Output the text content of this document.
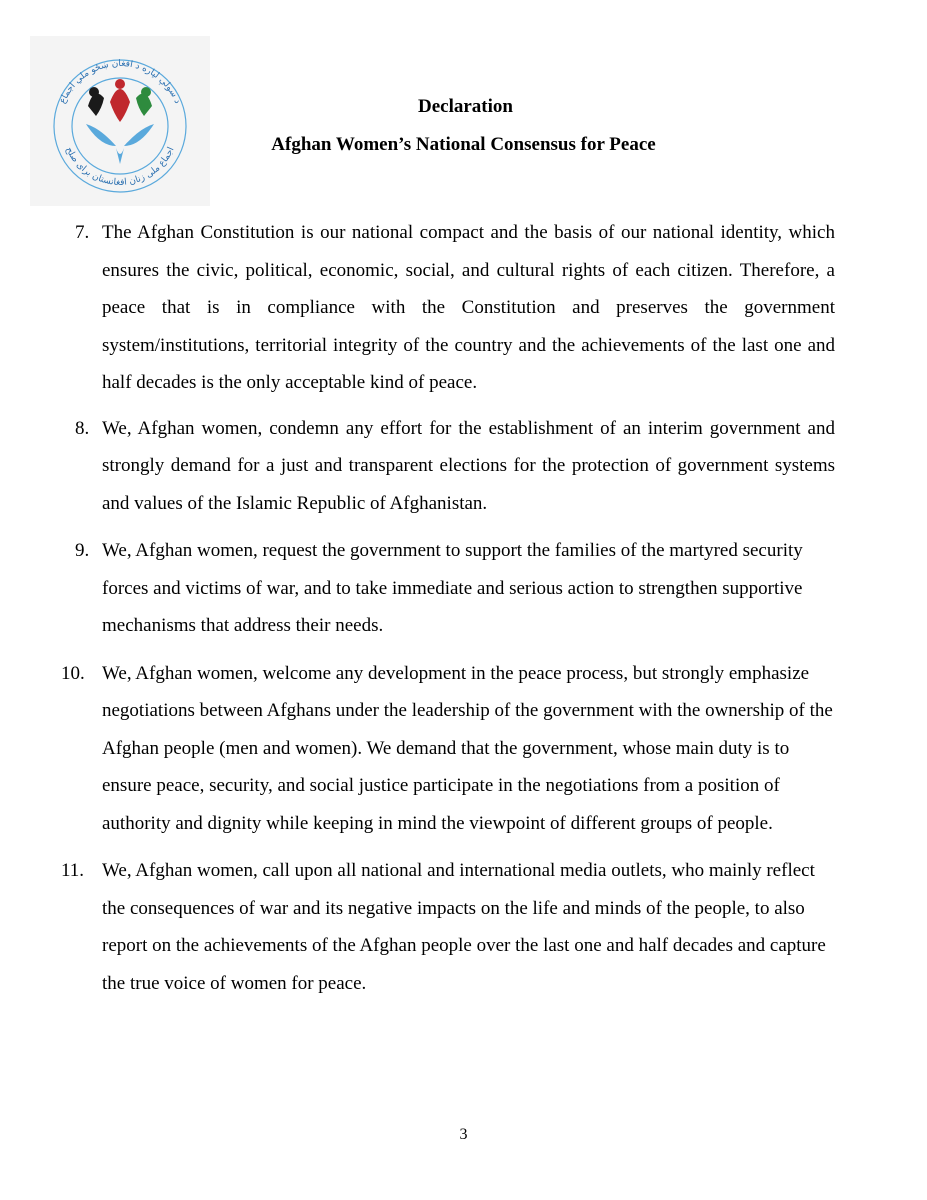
د سولې لپاره د افغان ښځو ملي اجماع
اجماع ملی زنان افغانستان برای صلح
Declaration
Afghan Women’s National Consensus for Peace
7. The Afghan Constitution is our national compact and the basis of our national identity, which ensures the civic, political, economic, social, and cultural rights of each citizen. Therefore, a peace that is in compliance with the Constitution and preserves the government system/institutions, territorial integrity of the country and the achievements of the last one and half decades is the only acceptable kind of peace.
8. We, Afghan women, condemn any effort for the establishment of an interim government and strongly demand for a just and transparent elections for the protection of government systems and values of the Islamic Republic of Afghanistan.
9. We, Afghan women, request the government to support the families of the martyred security forces and victims of war, and to take immediate and serious action to strengthen supportive mechanisms that address their needs.
10. We, Afghan women, welcome any development in the peace process, but strongly emphasize negotiations between Afghans under the leadership of the government with the ownership of the Afghan people (men and women). We demand that the government, whose main duty is to ensure peace, security, and social justice participate in the negotiations from a position of authority and dignity while keeping in mind the viewpoint of different groups of people.
11. We, Afghan women, call upon all national and international media outlets, who mainly reflect the consequences of war and its negative impacts on the life and minds of the people, to also report on the achievements of the Afghan people over the last one and half decades and capture the true voice of women for peace.
3
